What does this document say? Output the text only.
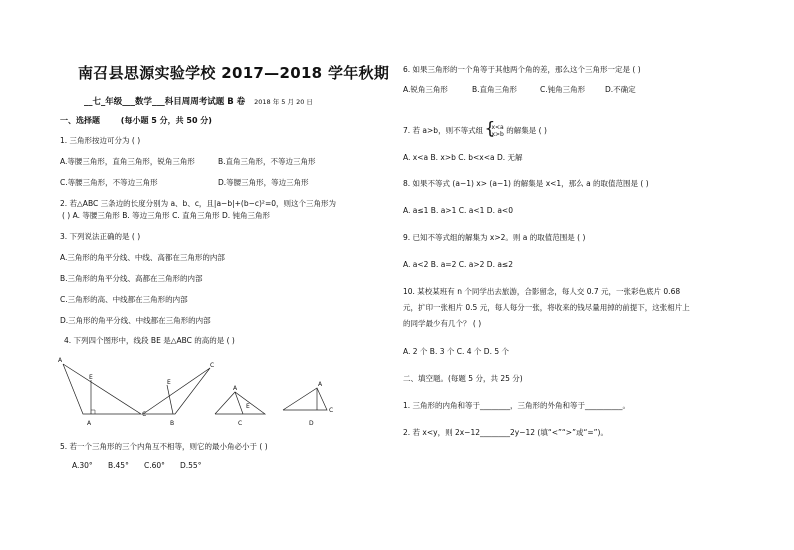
南召县思源实验学校 2017—2018 学年秋期
__七_年级___数学___科目周周考试题 B 卷 2018 年 5 月 20 日
一、选择题	(每小题 5 分，共 50 分)
1. 三角形按边可分为 ( )
A.等腰三角形，直角三角形，锐角三角形	B.直角三角形，不等边三角形
C.等腰三角形，不等边三角形	D.等腰三角形，等边三角形
2. 若△ABC 三条边的长度分别为 a、b、c，且|a−b|+(b−c)²=0，则这个三角形为
( ) A. 等腰三角形 B. 等边三角形 C. 直角三角形 D. 钝角三角形
3. 下列说法正确的是 ( )
A.三角形的角平分线、中线、高都在三角形的内部
B.三角形的角平分线、高都在三角形的内部
C.三角形的高、中线都在三角形的内部
D.三角形的角平分线、中线都在三角形的内部
4. 下列四个图形中，线段 BE 是△ABC 的高的是 ( )
A
E
C
E
C
A
E
A
C
A	B	C	D
5. 若一个三角形的三个内角互不相等，则它的最小角必小于 ( )
A.30° B.45° C.60° D.55°
6. 如果三角形的一个角等于其他两个角的差，那么这个三角形一定是 ( )
A.锐角三角形	B.直角三角形	C.钝角三角形	D.不确定
7. 若 a>b，则不等式组
{ x<a
x>b 的解集是 ( )
A. x<a B. x>b C. b<x<a D. 无解
8. 如果不等式 (a−1) x> (a−1) 的解集是 x<1，那么 a 的取值范围是 ( )
A. a≤1 B. a>1 C. a<1 D. a<0
9. 已知不等式组的解集为 x>2。则 a 的取值范围是 ( )
A. a<2 B. a=2 C. a>2 D. a≤2
10. 某校某班有 n 个同学出去旅游，合影留念，每人交 0.7 元，一张彩色底片 0.68
元，扩印一张相片 0.5 元，每人每分一张，将收来的钱尽量用掉的前提下，这张相片上
的同学最少有几个？ ( )
A. 2 个 B. 3 个 C. 4 个 D. 5 个
二、填空题。(每题 5 分，共 25 分)
1. 三角形的内角和等于________，三角形的外角和等于__________。
2. 若 x<y，则 2x−12________2y−12 (填“<”“>”或“=”)。
